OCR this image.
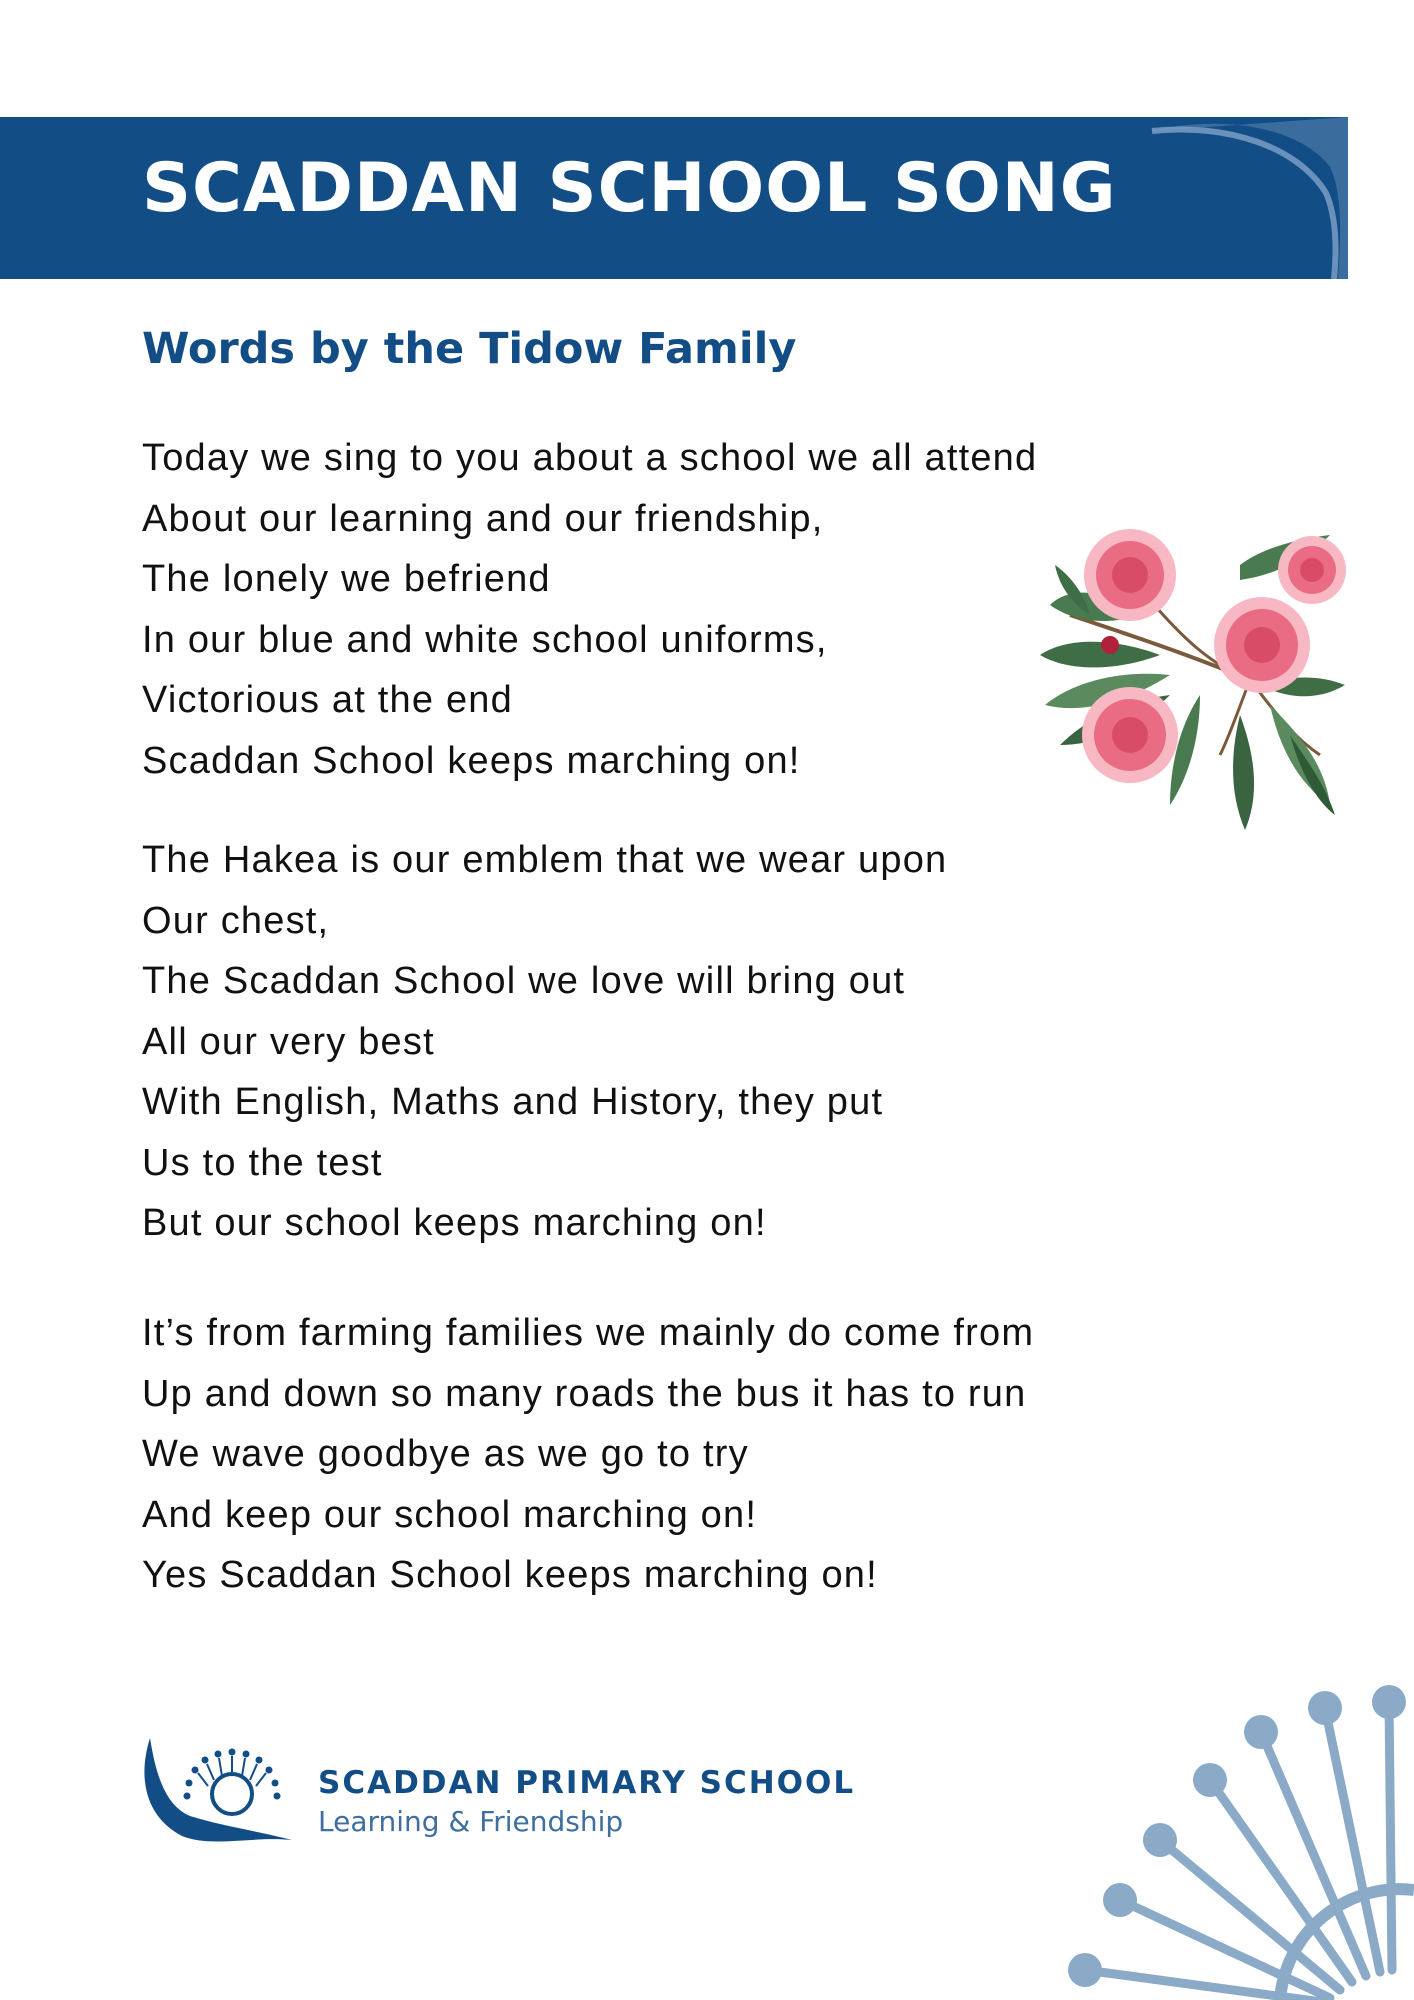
SCADDAN SCHOOL SONG
Words by the Tidow Family
Today we sing to you about a school we all attend
About our learning and our friendship,
The lonely we befriend
In our blue and white school uniforms,
Victorious at the end
Scaddan School keeps marching on!
The Hakea is our emblem that we wear upon
Our chest,
The Scaddan School we love will bring out
All our very best
With English, Maths and History, they put
Us to the test
But our school keeps marching on!
It’s from farming families we mainly do come from
Up and down so many roads the bus it has to run
We wave goodbye as we go to try
And keep our school marching on!
Yes Scaddan School keeps marching on!
SCADDAN PRIMARY SCHOOL
Learning & Friendship
